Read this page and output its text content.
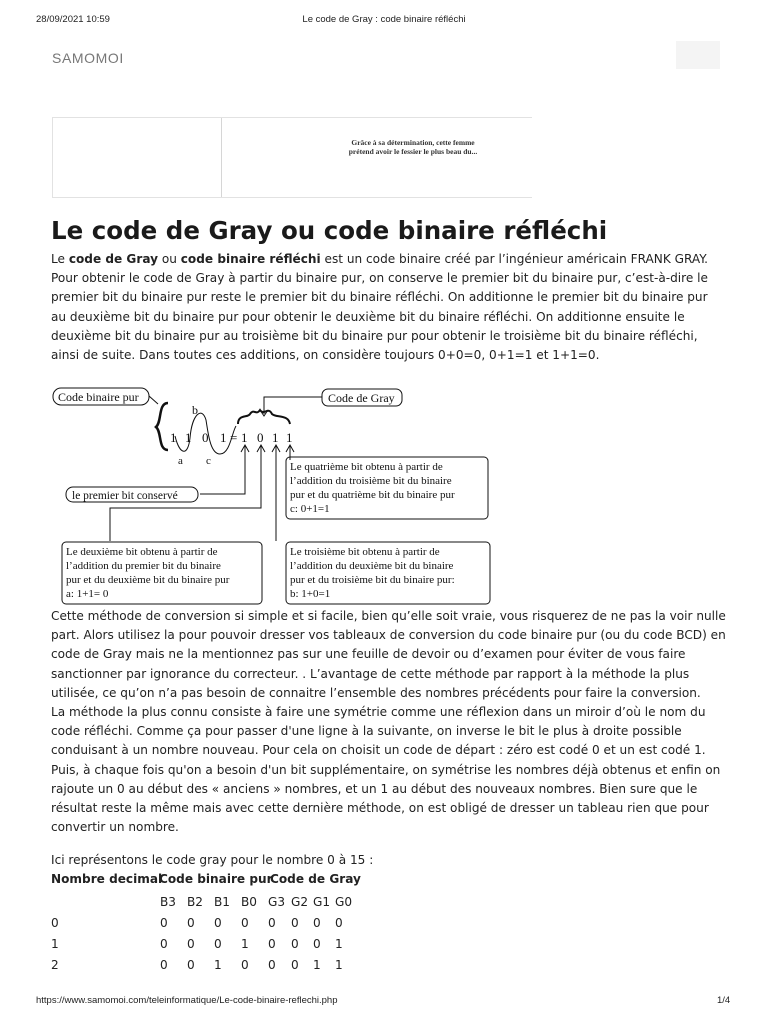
28/09/2021 10:59	Le code de Gray : code binaire réfléchi
SAMOMOI
Grâce à sa détermination, cette femme
prétend avoir le fessier le plus beau du...
Le code de Gray ou code binaire réfléchi
Le code de Gray ou code binaire réfléchi est un code binaire créé par l’ingénieur américain FRANK GRAY.
Pour obtenir le code de Gray à partir du binaire pur, on conserve le premier bit du binaire pur, c’est-à-dire le
premier bit du binaire pur reste le premier bit du binaire réfléchi. On additionne le premier bit du binaire pur
au deuxième bit du binaire pur pour obtenir le deuxième bit du binaire réfléchi. On additionne ensuite le
deuxième bit du binaire pur au troisième bit du binaire pur pour obtenir le troisième bit du binaire réfléchi,
ainsi de suite. Dans toutes ces additions, on considère toujours 0+0=0, 0+1=1 et 1+1=0.
Code binaire pur
b
a c
1 1 0 1 = 1 0 1 1
Code de Gray
le premier bit conservé
Le quatrième bit obtenu à partir de
l’addition du troisième bit du binaire
pur et du quatrième bit du binaire pur
c: 0+1=1
Le deuxième bit obtenu à partir de
l’addition du premier bit du binaire
pur et du deuxième bit du binaire pur
a: 1+1= 0
Le troisième bit obtenu à partir de
l’addition du deuxième bit du binaire
pur et du troisième bit du binaire pur:
b: 1+0=1
Cette méthode de conversion si simple et si facile, bien qu’elle soit vraie, vous risquerez de ne pas la voir nulle
part. Alors utilisez la pour pouvoir dresser vos tableaux de conversion du code binaire pur (ou du code BCD) en
code de Gray mais ne la mentionnez pas sur une feuille de devoir ou d’examen pour éviter de vous faire
sanctionner par ignorance du correcteur. . L’avantage de cette méthode par rapport à la méthode la plus
utilisée, ce qu’on n’a pas besoin de connaitre l’ensemble des nombres précédents pour faire la conversion.
La méthode la plus connu consiste à faire une symétrie comme une réflexion dans un miroir d’où le nom du
code réfléchi. Comme ça pour passer d'une ligne à la suivante, on inverse le bit le plus à droite possible
conduisant à un nombre nouveau. Pour cela on choisit un code de départ : zéro est codé 0 et un est codé 1.
Puis, à chaque fois qu'on a besoin d'un bit supplémentaire, on symétrise les nombres déjà obtenus et enfin on
rajoute un 0 au début des « anciens » nombres, et un 1 au début des nouveaux nombres. Bien sure que le
résultat reste la même mais avec cette dernière méthode, on est obligé de dresser un tableau rien que pour
convertir un nombre.
Ici représentons le code gray pour le nombre 0 à 15 :
Nombre decimal
Code binaire pur
Code de Gray
B3 B2 B1 B0 G3 G2 G1 G0
0	0 0 0 0 0 0 0 0
1	0 0 0 1 0 0 0 1
2	0 0 1 0 0 0 1 1
https://www.samomoi.com/teleinformatique/Le-code-binaire-reflechi.php	1/4
